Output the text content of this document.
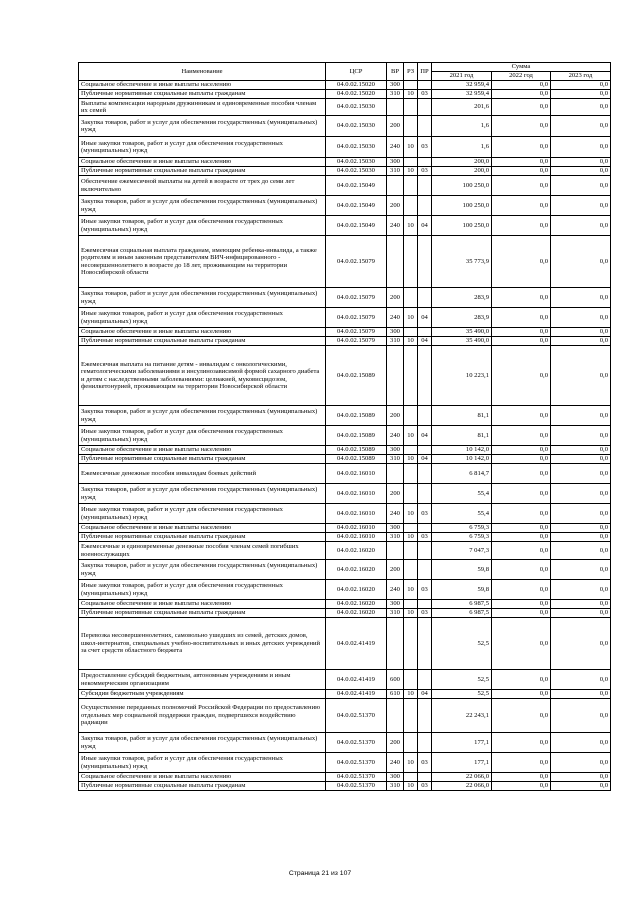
Наименование	ЦСР	ВР	РЗ	ПР	Сумма		
					2021 год	2022 год	2023 год
Социальное обеспечение и иные выплаты населению	04.0.02.15020	300			32 959,4	0,0	0,0
Публичные нормативные социальные выплаты гражданам	04.0.02.15020	310	10	03	32 959,4	0,0	0,0
Выплаты компенсации народным дружинникам и единовременные пособия членам их семей	04.0.02.15030				201,6	0,0	0,0
Закупка товаров, работ и услуг для обеспечения государственных (муниципальных) нужд	04.0.02.15030	200			1,6	0,0	0,0
Иные закупки товаров, работ и услуг для обеспечения государственных (муниципальных) нужд	04.0.02.15030	240	10	03	1,6	0,0	0,0
Социальное обеспечение и иные выплаты населению	04.0.02.15030	300			200,0	0,0	0,0
Публичные нормативные социальные выплаты гражданам	04.0.02.15030	310	10	03	200,0	0,0	0,0
Обеспечение ежемесячной выплаты на детей в возрасте от трех до семи лет включительно	04.0.02.15049				100 250,0	0,0	0,0
Закупка товаров, работ и услуг для обеспечения государственных (муниципальных) нужд	04.0.02.15049	200			100 250,0	0,0	0,0
Иные закупки товаров, работ и услуг для обеспечения государственных (муниципальных) нужд	04.0.02.15049	240	10	04	100 250,0	0,0	0,0
Ежемесячная социальная выплата гражданам, имеющим ребенка-инвалида, а также родителям и иным законным представителям ВИЧ-инфицированного - несовершеннолетнего в возрасте до 18 лет, проживающим на территории Новосибирской области	04.0.02.15079				35 773,9	0,0	0,0
Закупка товаров, работ и услуг для обеспечения государственных (муниципальных) нужд	04.0.02.15079	200			283,9	0,0	0,0
Иные закупки товаров, работ и услуг для обеспечения государственных (муниципальных) нужд	04.0.02.15079	240	10	04	283,9	0,0	0,0
Социальное обеспечение и иные выплаты населению	04.0.02.15079	300			35 490,0	0,0	0,0
Публичные нормативные социальные выплаты гражданам	04.0.02.15079	310	10	04	35 490,0	0,0	0,0
Ежемесячная выплата на питание детям - инвалидам с онкологическими, гематологическими заболеваниями и инсулинозависимой формой сахарного диабета и детям с наследственными заболеваниями: целиакией, муковисцидозом, фенилкетонурией, проживающим на территории Новосибирской области	04.0.02.15089				10 223,1	0,0	0,0
Закупка товаров, работ и услуг для обеспечения государственных (муниципальных) нужд	04.0.02.15089	200			81,1	0,0	0,0
Иные закупки товаров, работ и услуг для обеспечения государственных (муниципальных) нужд	04.0.02.15089	240	10	04	81,1	0,0	0,0
Социальное обеспечение и иные выплаты населению	04.0.02.15089	300			10 142,0	0,0	0,0
Публичные нормативные социальные выплаты гражданам	04.0.02.15089	310	10	04	10 142,0	0,0	0,0
Ежемесячные денежные пособия инвалидам боевых действий	04.0.02.16010				6 814,7	0,0	0,0
Закупка товаров, работ и услуг для обеспечения государственных (муниципальных) нужд	04.0.02.16010	200			55,4	0,0	0,0
Иные закупки товаров, работ и услуг для обеспечения государственных (муниципальных) нужд	04.0.02.16010	240	10	03	55,4	0,0	0,0
Социальное обеспечение и иные выплаты населению	04.0.02.16010	300			6 759,3	0,0	0,0
Публичные нормативные социальные выплаты гражданам	04.0.02.16010	310	10	03	6 759,3	0,0	0,0
Ежемесячные и единовременные денежные пособия членам семей погибших военнослужащих	04.0.02.16020				7 047,3	0,0	0,0
Закупка товаров, работ и услуг для обеспечения государственных (муниципальных) нужд	04.0.02.16020	200			59,8	0,0	0,0
Иные закупки товаров, работ и услуг для обеспечения государственных (муниципальных) нужд	04.0.02.16020	240	10	03	59,8	0,0	0,0
Социальное обеспечение и иные выплаты населению	04.0.02.16020	300			6 987,5	0,0	0,0
Публичные нормативные социальные выплаты гражданам	04.0.02.16020	310	10	03	6 987,5	0,0	0,0
Перевозка несовершеннолетних, самовольно ушедших из семей, детских домов, школ-интернатов, специальных учебно-воспитательных и иных детских учреждений за счет средств областного бюджета	04.0.02.41419				52,5	0,0	0,0
Предоставление субсидий бюджетным, автономным учреждениям и иным некоммерческим организациям	04.0.02.41419	600			52,5	0,0	0,0
Субсидии бюджетным учреждениям	04.0.02.41419	610	10	04	52,5	0,0	0,0
Осуществление переданных полномочий Российской Федерации по предоставлению отдельных мер социальной поддержки граждан, подвергшихся воздействию радиации	04.0.02.51370				22 243,1	0,0	0,0
Закупка товаров, работ и услуг для обеспечения государственных (муниципальных) нужд	04.0.02.51370	200			177,1	0,0	0,0
Иные закупки товаров, работ и услуг для обеспечения государственных (муниципальных) нужд	04.0.02.51370	240	10	03	177,1	0,0	0,0
Социальное обеспечение и иные выплаты населению	04.0.02.51370	300			22 066,0	0,0	0,0
Публичные нормативные социальные выплаты гражданам	04.0.02.51370	310	10	03	22 066,0	0,0	0,0
Страница 21 из 107
